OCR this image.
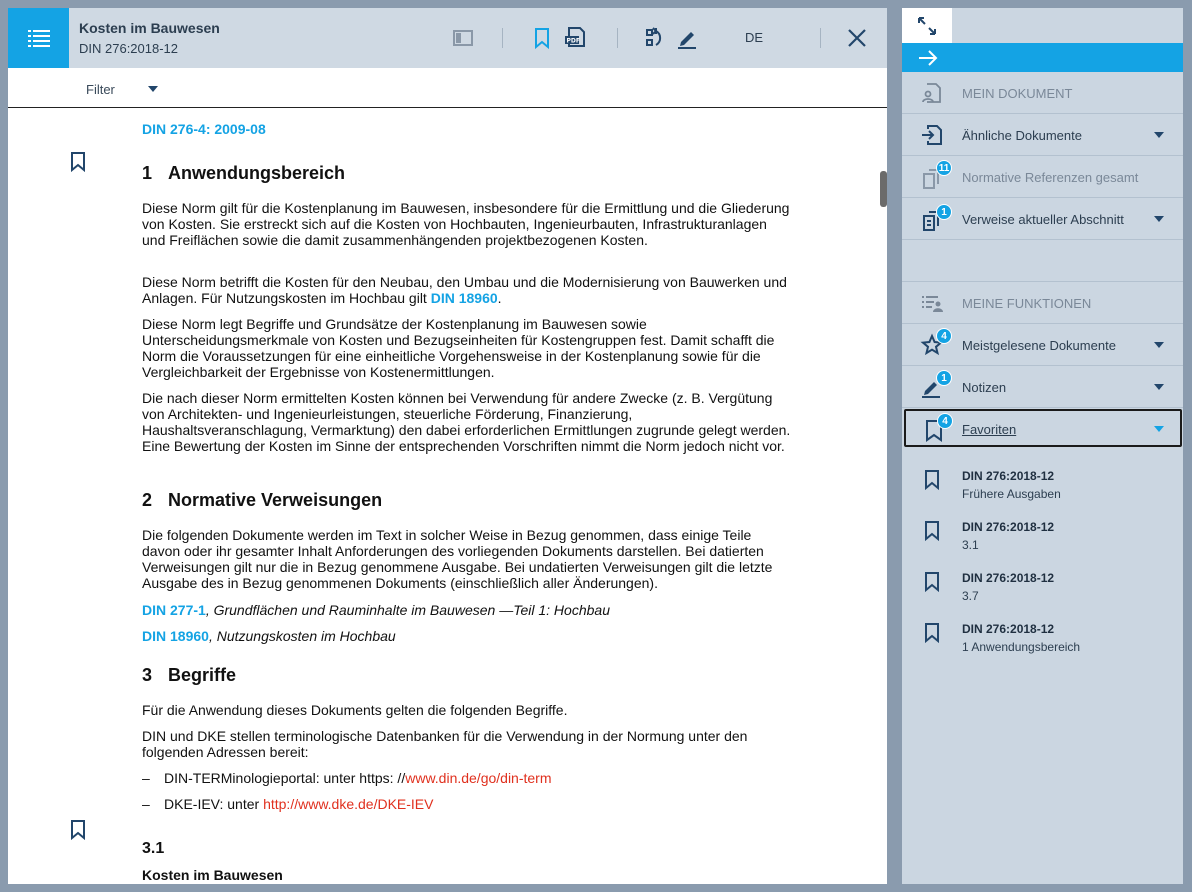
Kosten im Bauwesen
DIN 276:2018-12	PDF	DE
Filter
DIN 276-4: 2009-08
1 Anwendungsbereich
Diese Norm gilt für die Kostenplanung im Bauwesen, insbesondere für die Ermittlung und die Gliederung von Kosten. Sie erstreckt sich auf die Kosten von Hochbauten, Ingenieurbauten, Infrastrukturanlagen und Freiflächen sowie die damit zusammenhängenden projektbezogenen Kosten.
Diese Norm betrifft die Kosten für den Neubau, den Umbau und die Modernisierung von Bauwerken und Anlagen. Für Nutzungskosten im Hochbau gilt DIN 18960.
Diese Norm legt Begriffe und Grundsätze der Kostenplanung im Bauwesen sowie Unterscheidungsmerkmale von Kosten und Bezugseinheiten für Kostengruppen fest. Damit schafft die Norm die Voraussetzungen für eine einheitliche Vorgehensweise in der Kostenplanung sowie für die Vergleichbarkeit der Ergebnisse von Kostenermittlungen.
Die nach dieser Norm ermittelten Kosten können bei Verwendung für andere Zwecke (z. B. Vergütung von Architekten- und Ingenieurleistungen, steuerliche Förderung, Finanzierung, Haushaltsveranschlagung, Vermarktung) den dabei erforderlichen Ermittlungen zugrunde gelegt werden. Eine Bewertung der Kosten im Sinne der entsprechenden Vorschriften nimmt die Norm jedoch nicht vor.
2 Normative Verweisungen
Die folgenden Dokumente werden im Text in solcher Weise in Bezug genommen, dass einige Teile davon oder ihr gesamter Inhalt Anforderungen des vorliegenden Dokuments darstellen. Bei datierten Verweisungen gilt nur die in Bezug genommene Ausgabe. Bei undatierten Verweisungen gilt die letzte Ausgabe des in Bezug genommenen Dokuments (einschließlich aller Änderungen).
DIN 277-1, Grundflächen und Rauminhalte im Bauwesen —Teil 1: Hochbau
DIN 18960, Nutzungskosten im Hochbau
3 Begriffe
Für die Anwendung dieses Dokuments gelten die folgenden Begriffe.
DIN und DKE stellen terminologische Datenbanken für die Verwendung in der Normung unter den folgenden Adressen bereit:
– DIN-TERMinologieportal: unter https: //www.din.de/go/din-term
– DKE-IEV: unter http://www.dke.de/DKE-IEV
3.1
Kosten im Bauwesen
MEIN DOKUMENT
Ähnliche Dokumente
11
Normative Referenzen gesamt
1	Verweise aktueller Abschnitt
MEINE FUNKTIONEN
4
Meistgelesene Dokumente
1
Notizen
4
Favoriten
DIN 276:2018-12
Frühere Ausgaben
DIN 276:2018-12
3.1
DIN 276:2018-12
3.7
DIN 276:2018-12
1 Anwendungsbereich
